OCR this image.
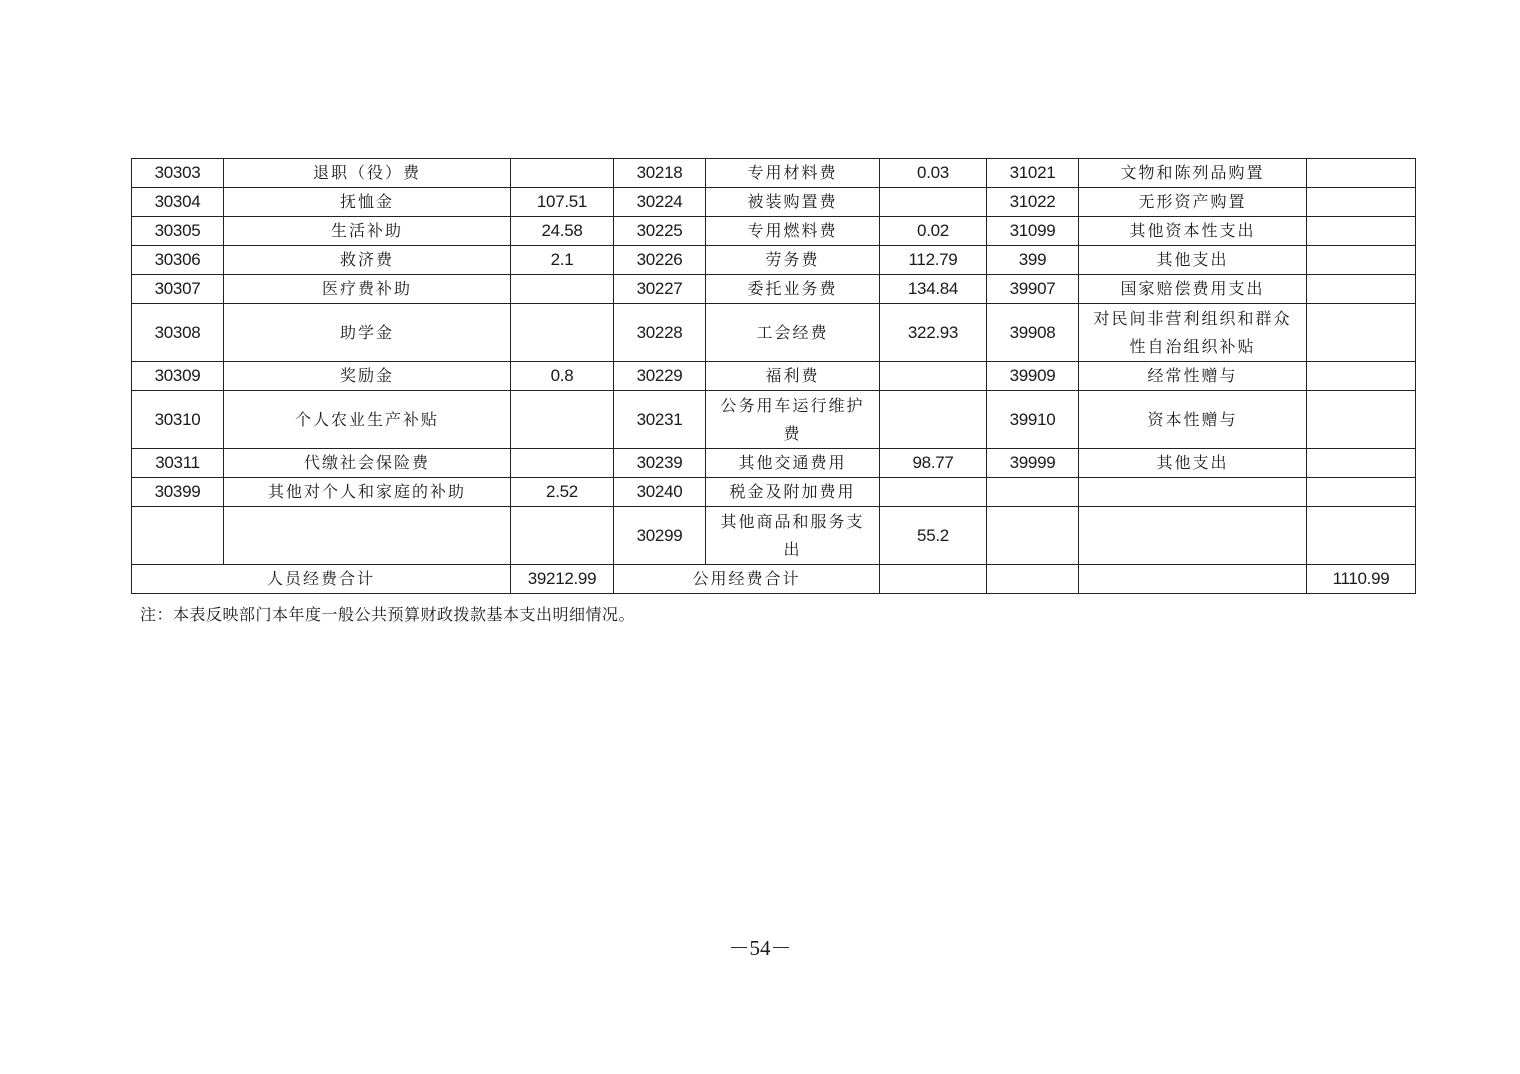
30303	退职（役）费		30218	专用材料费	0.03	31021	文物和陈列品购置	
30304	抚恤金	107.51	30224	被装购置费		31022	无形资产购置	
30305	生活补助	24.58	30225	专用燃料费	0.02	31099	其他资本性支出	
30306	救济费	2.1	30226	劳务费	112.79	399	其他支出	
30307	医疗费补助		30227	委托业务费	134.84	39907	国家赔偿费用支出	
30308	助学金		30228	工会经费	322.93	39908	对民间非营利组织和群众性自治组织补贴	
30309	奖励金	0.8	30229	福利费		39909	经常性赠与	
30310	个人农业生产补贴		30231	公务用车运行维护费		39910	资本性赠与	
30311	代缴社会保险费		30239	其他交通费用	98.77	39999	其他支出	
30399	其他对个人和家庭的补助	2.52	30240	税金及附加费用				
			30299	其他商品和服务支出	55.2			
人员经费合计		39212.99	公用经费合计					1110.99
注：本表反映部门本年度一般公共预算财政拨款基本支出明细情况。
－54－
